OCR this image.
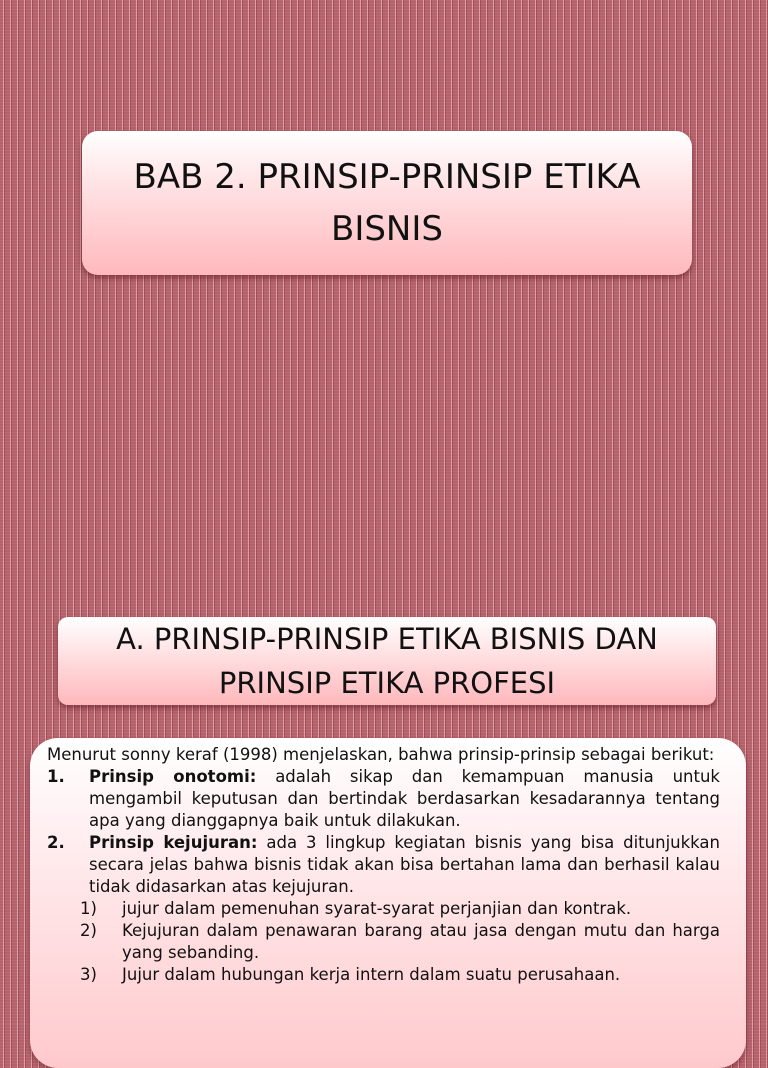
BAB 2. PRINSIP-PRINSIP ETIKA BISNIS
A. PRINSIP-PRINSIP ETIKA BISNIS DAN PRINSIP ETIKA PROFESI

Menurut sonny keraf (1998) menjelaskan, bahwa prinsip-prinsip sebagai berikut:

1.	Prinsip onotomi: adalah sikap dan kemampuan manusia untuk mengambil keputusan dan bertindak berdasarkan kesadarannya tentang apa yang dianggapnya baik untuk dilakukan.
2.	Prinsip kejujuran: ada 3 lingkup kegiatan bisnis yang bisa ditunjukkan secara jelas bahwa bisnis tidak akan bisa bertahan lama dan berhasil kalau tidak didasarkan atas kejujuran.
1)	jujur dalam pemenuhan syarat-syarat perjanjian dan kontrak.
2)	Kejujuran dalam penawaran barang atau jasa dengan mutu dan harga yang sebanding.
3)	Jujur dalam hubungan kerja intern dalam suatu perusahaan.
